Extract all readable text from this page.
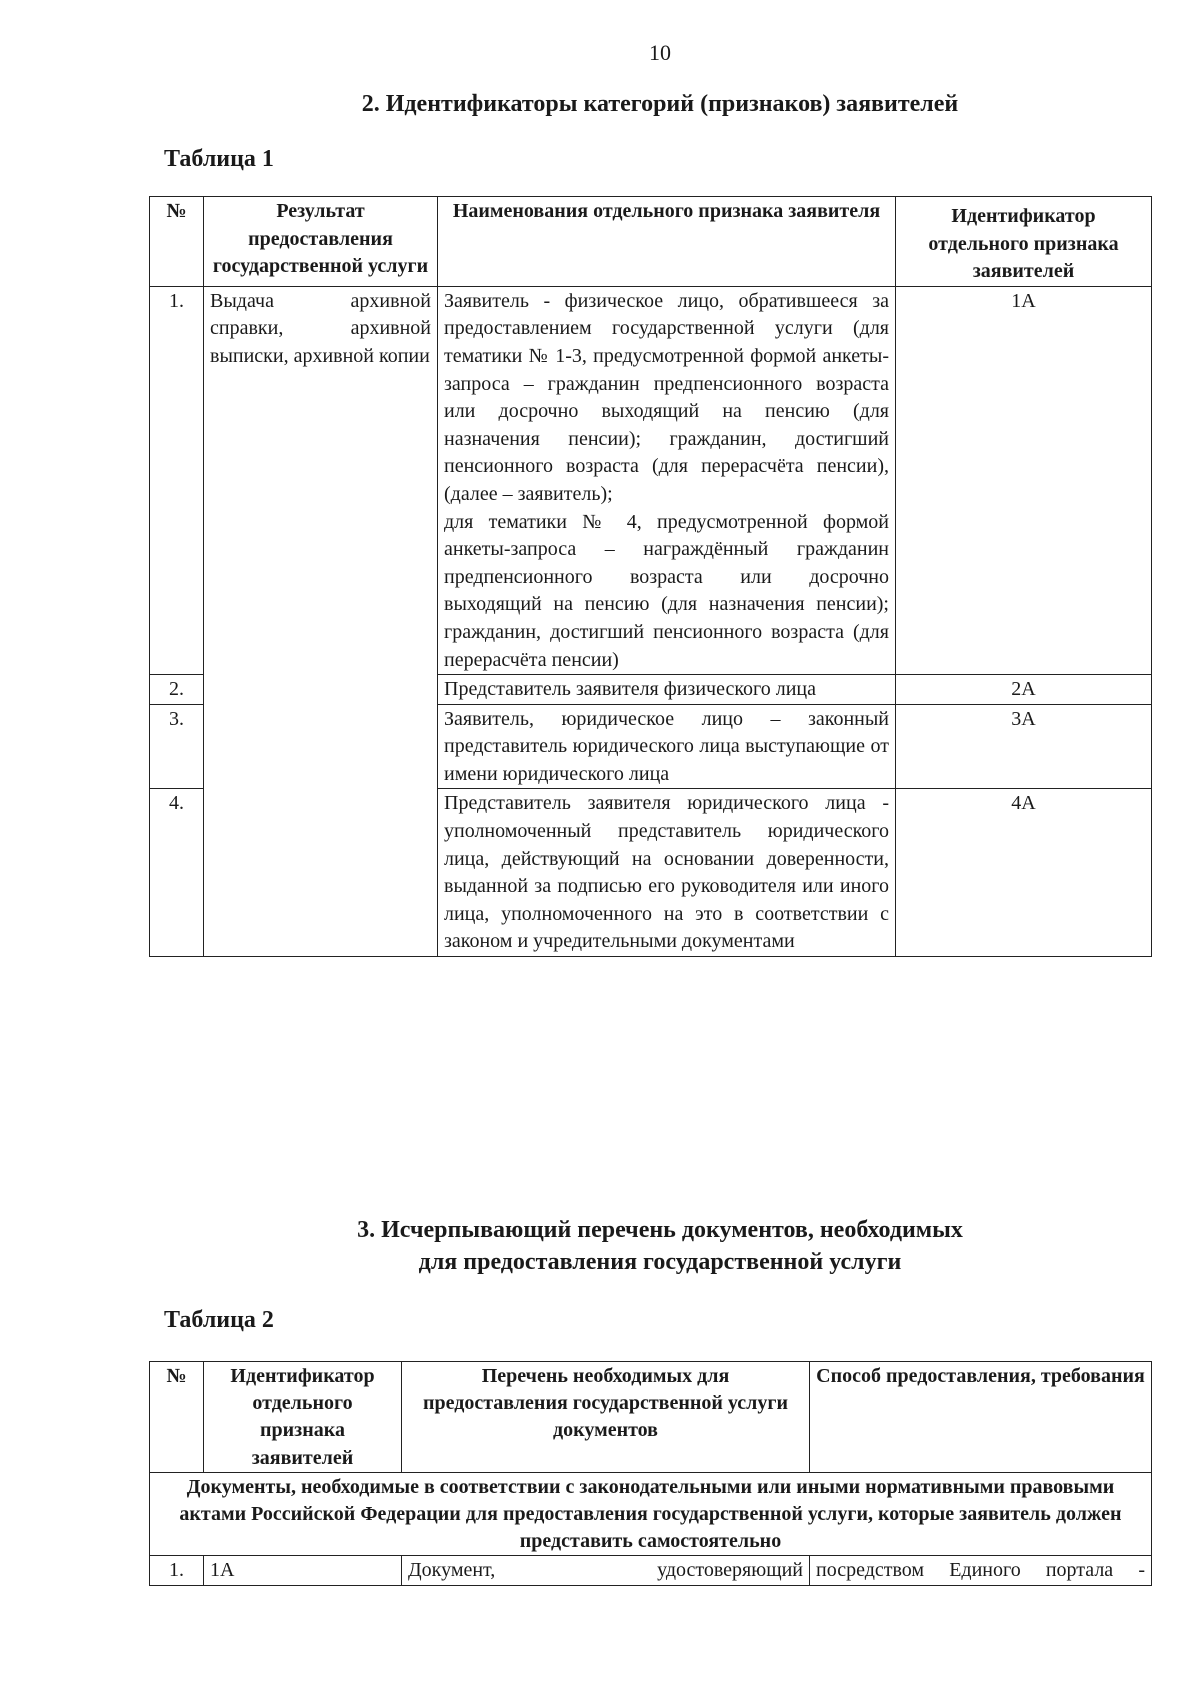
10
2. Идентификаторы категорий (признаков) заявителей
Таблица 1
№	Результат предоставления государственной услуги	Наименования отдельного признака заявителя	Идентификатор отдельного признака заявителей
1.	Выдача архивной справки, архивной выписки, архивной копии	Заявитель - физическое лицо, обратившееся за предоставлением государственной услуги (для тематики № 1-3, предусмотренной формой анкеты-запроса – гражданин предпенсионного возраста или досрочно выходящий на пенсию (для назначения пенсии); гражданин, достигший пенсионного возраста (для перерасчёта пенсии), (далее – заявитель);
для тематики № 4, предусмотренной формой анкеты-запроса – награждённый гражданин предпенсионного возраста или досрочно выходящий на пенсию (для назначения пенсии); гражданин, достигший пенсионного возраста (для перерасчёта пенсии)	1А
2.		Представитель заявителя физического лица	2А
3.		Заявитель, юридическое лицо – законный представитель юридического лица выступающие от имени юридического лица	3А
4.		Представитель заявителя юридического лица - уполномоченный представитель юридического лица, действующий на основании доверенности, выданной за подписью его руководителя или иного лица, уполномоченного на это в соответствии с законом и учредительными документами	4А
3. Исчерпывающий перечень документов, необходимых
для предоставления государственной услуги
Таблица 2
№	Идентификатор отдельного признака заявителей	Перечень необходимых для предоставления государственной услуги документов	Способ предоставления, требования
Документы, необходимые в соответствии с законодательными или иными нормативными правовыми актами Российской Федерации для предоставления государственной услуги, которые заявитель должен представить самостоятельно			
1.	1А	Документ, удостоверяющий	посредством Единого портала -
